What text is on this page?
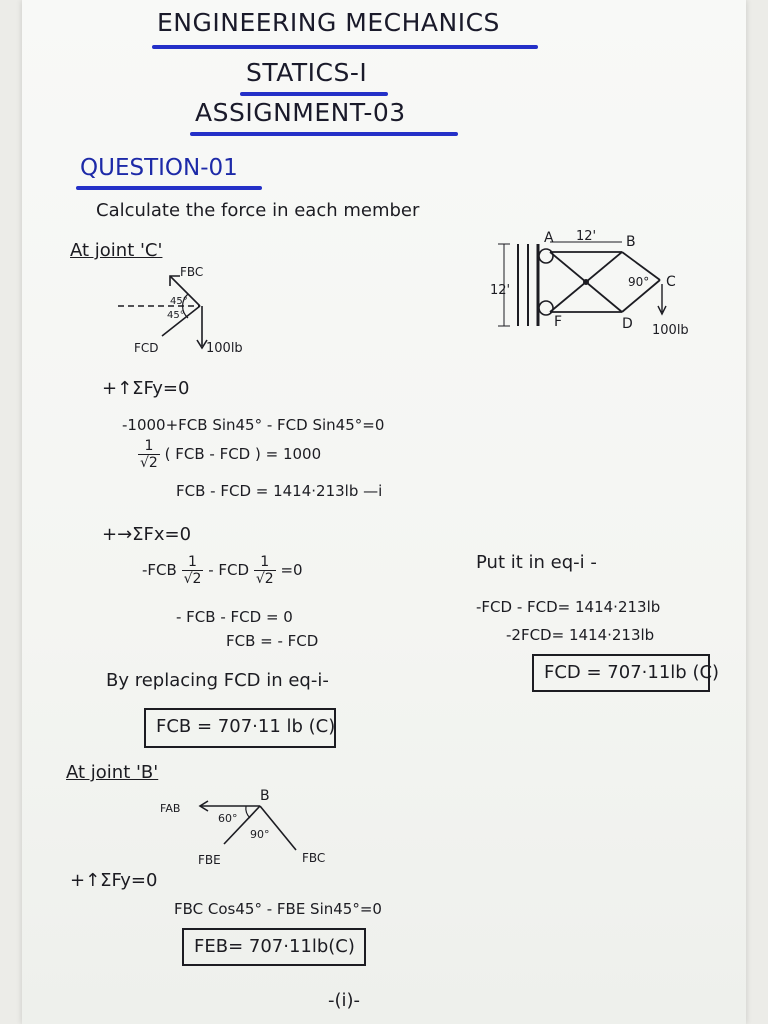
ENGINEERING MECHANICS
STATICS-I
ASSIGNMENT-03
QUESTION-01
Calculate the force in each member
At joint 'C'
FBC
45°
45°
FCD	100lb
+↑ΣFy=0
-1000+FCB Sin45° - FCD Sin45°=0
$\frac{1}{√2}$ ( FCB - FCD ) = 1000
FCB - FCD = 1414·213lb —i
+→ΣFx=0
$-FCB \frac{1}{√2}$ - FCD $\frac{1}{√2} =0$
- FCB - FCD = 0
FCB = - FCD
By replacing FCD in eq-i-
FCB = 707·11 lb (C)
Put it in eq-i -
-FCD - FCD= 1414·213lb
-2FCD= 1414·213lb
FCD = 707·11lb (C)
A	B
C
D
F
12'
12'
90°
100lb
At joint 'B'
B
FAB
60°
90°
FBE	FBC
+↑ΣFy=0
FBC Cos45° - FBE Sin45°=0
FEB= 707·11lb(C)
-(i)-
